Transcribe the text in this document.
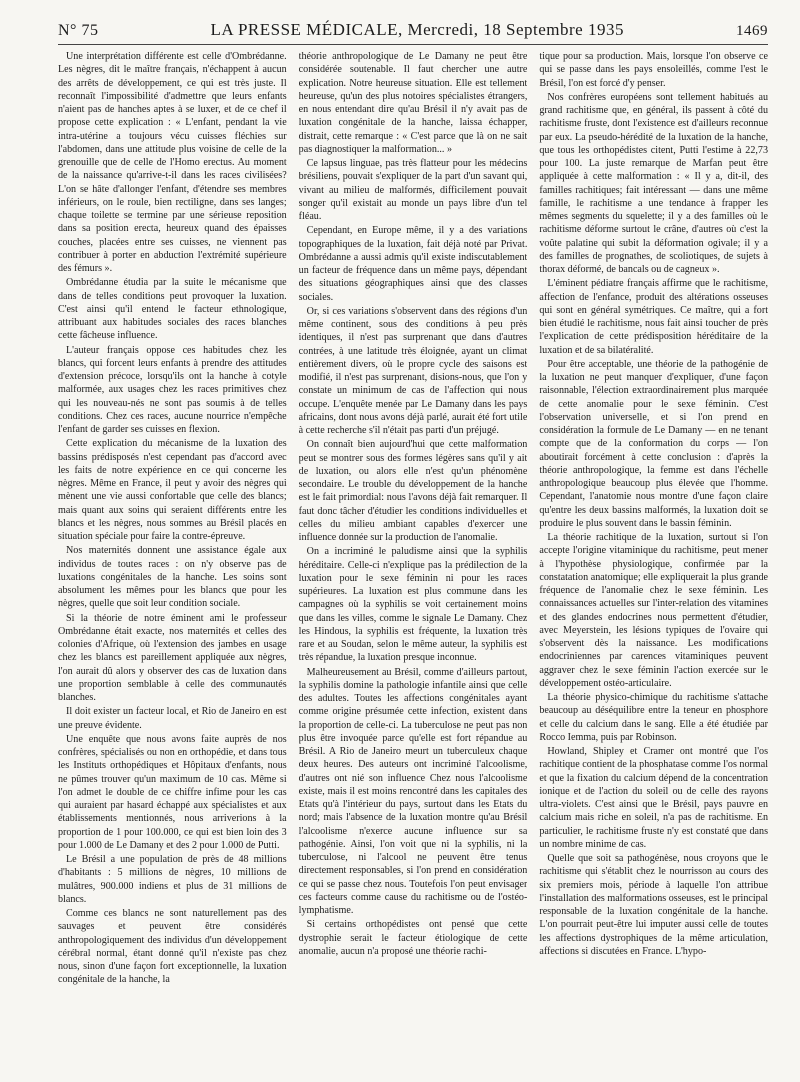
N° 75	LA PRESSE MÉDICALE, Mercredi, 18 Septembre 1935	1469

Une interprétation différente est celle d'Ombrédanne. Les nègres, dit le maître français, n'échappent à aucun des arrêts de développement, ce qui est très juste. Il reconnaît l'impossibilité d'admettre que leurs enfants n'aient pas de hanches aptes à se luxer, et de ce chef il propose cette explication : « L'enfant, pendant la vie intra-utérine a toujours vécu cuisses fléchies sur l'abdomen, dans une attitude plus voisine de celle de la grenouille que de celle de l'Homo erectus. Au moment de la naissance qu'arrive-t-il dans les races civilisées? L'on se hâte d'allonger l'enfant, d'étendre ses membres inférieurs, on le roule, bien rectiligne, dans ses langes; chaque toilette se termine par une sérieuse reposition dans sa position erecta, heureux quand des épaisses couches, placées entre ses cuisses, ne viennent pas contribuer à porter en abduction l'extrémité supérieure des fémurs ».

Ombrédanne étudia par la suite le mécanisme que dans de telles conditions peut provoquer la luxation. C'est ainsi qu'il entend le facteur ethnologique, attribuant aux habitudes sociales des races blanches cette fâcheuse influence.

L'auteur français oppose ces habitudes chez les blancs, qui forcent leurs enfants à prendre des attitudes d'extension précoce, lorsqu'ils ont la hanche à cotyle malformée, aux usages chez les races primitives chez qui les nouveau-nés ne sont pas soumis à de telles conditions. Chez ces races, aucune nourrice n'empêche l'enfant de garder ses cuisses en flexion.

Cette explication du mécanisme de la luxation des bassins prédisposés n'est cependant pas d'accord avec les faits de notre expérience en ce qui concerne les nègres. Même en France, il peut y avoir des nègres qui mènent une vie aussi confortable que celle des blancs; mais quant aux soins qui seraient différents entre les blancs et les nègres, nous sommes au Brésil placés en situation spéciale pour faire la contre-épreuve.

Nos maternités donnent une assistance égale aux individus de toutes races : on n'y observe pas de luxations congénitales de la hanche. Les soins sont absolument les mêmes pour les blancs que pour les nègres, quelle que soit leur condition sociale.

Si la théorie de notre éminent ami le professeur Ombrédanne était exacte, nos maternités et celles des colonies d'Afrique, où l'extension des jambes en usage chez les blancs est pareillement appliquée aux nègres, l'on aurait dû alors y observer des cas de luxation dans une proportion semblable à celle des communautés blanches.

Il doit exister un facteur local, et Rio de Janeiro en est une preuve évidente.

Une enquête que nous avons faite auprès de nos confrères, spécialisés ou non en orthopédie, et dans tous les Instituts orthopédiques et Hôpitaux d'enfants, nous ne pûmes trouver qu'un maximum de 10 cas. Même si l'on admet le double de ce chiffre infime pour les cas qui auraient par hasard échappé aux spécialistes et aux établissements mentionnés, nous arriverions à la proportion de 1 pour 100.000, ce qui est bien loin des 3 pour 1.000 de Le Damany et des 2 pour 1.000 de Putti.

Le Brésil a une population de près de 48 millions d'habitants : 5 millions de nègres, 10 millions de mulâtres, 900.000 indiens et plus de 31 millions de blancs.

Comme ces blancs ne sont naturellement pas des sauvages et peuvent être considérés anthropologiquement des individus d'un développement cérébral normal, étant donné qu'il n'existe pas chez nous, sinon d'une façon fort exceptionnelle, la luxation congénitale de la hanche, la

théorie anthropologique de Le Damany ne peut être considérée soutenable. Il faut chercher une autre explication. Notre heureuse situation. Elle est tellement heureuse, qu'un des plus notoires spécialistes étrangers, en nous entendant dire qu'au Brésil il n'y avait pas de luxation congénitale de la hanche, laissa échapper, distrait, cette remarque : « C'est parce que là on ne sait pas diagnostiquer la malformation... »

Ce lapsus linguae, pas très flatteur pour les médecins brésiliens, pouvait s'expliquer de la part d'un savant qui, vivant au milieu de malformés, difficilement pouvait songer qu'il existait au monde un pays libre d'un tel fléau.

Cependant, en Europe même, il y a des variations topographiques de la luxation, fait déjà noté par Privat. Ombrédanne a aussi admis qu'il existe indiscutablement un facteur de fréquence dans un même pays, dépendant des situations géographiques ainsi que des classes sociales.

Or, si ces variations s'observent dans des régions d'un même continent, sous des conditions à peu près identiques, il n'est pas surprenant que dans d'autres contrées, à une latitude très éloignée, ayant un climat entièrement divers, où le propre cycle des saisons est modifié, il n'est pas surprenant, disions-nous, que l'on y constate un minimum de cas de l'affection qui nous occupe. L'enquête menée par Le Damany dans les pays africains, dont nous avons déjà parlé, aurait été fort utile à cette recherche s'il n'était pas parti d'un préjugé.

On connaît bien aujourd'hui que cette malformation peut se montrer sous des formes légères sans qu'il y ait de luxation, ou alors elle n'est qu'un phénomène secondaire. Le trouble du développement de la hanche est le fait primordial: nous l'avons déjà fait remarquer. Il faut donc tâcher d'étudier les conditions individuelles et celles du milieu ambiant capables d'exercer une influence donnée sur la production de l'anomalie.

On a incriminé le paludisme ainsi que la syphilis héréditaire. Celle-ci n'explique pas la prédilection de la luxation pour le sexe féminin ni pour les races supérieures. La luxation est plus commune dans les campagnes où la syphilis se voit certainement moins que dans les villes, comme le signale Le Damany. Chez les Hindous, la syphilis est fréquente, la luxation très rare et au Soudan, selon le même auteur, la syphilis est très répandue, la luxation presque inconnue.

Malheureusement au Brésil, comme d'ailleurs partout, la syphilis domine la pathologie infantile ainsi que celle des adultes. Toutes les affections congénitales ayant comme origine présumée cette infection, existent dans la proportion de celle-ci. La tuberculose ne peut pas non plus être invoquée parce qu'elle est fort répandue au Brésil. A Rio de Janeiro meurt un tuberculeux chaque deux heures. Des auteurs ont incriminé l'alcoolisme, d'autres ont nié son influence Chez nous l'alcoolisme existe, mais il est moins rencontré dans les capitales des Etats qu'à l'intérieur du pays, surtout dans les Etats du nord; mais l'absence de la luxation montre qu'au Brésil l'alcoolisme n'exerce aucune influence sur sa pathogénie. Ainsi, l'on voit que ni la syphilis, ni la tuberculose, ni l'alcool ne peuvent être tenus directement responsables, si l'on prend en considération ce qui se passe chez nous. Toutefois l'on peut envisager ces facteurs comme cause du rachitisme ou de l'ostéo-lymphatisme.

Si certains orthopédistes ont pensé que cette dystrophie serait le facteur étiologique de cette anomalie, aucun n'a proposé une théorie rachi-

tique pour sa production. Mais, lorsque l'on observe ce qui se passe dans les pays ensoleillés, comme l'est le Brésil, l'on est forcé d'y penser.

Nos confrères européens sont tellement habitués au grand rachitisme que, en général, ils passent à côté du rachitisme fruste, dont l'existence est d'ailleurs reconnue par eux. La pseudo-hérédité de la luxation de la hanche, que tous les orthopédistes citent, Putti l'estime à 22,73 pour 100. La juste remarque de Marfan peut être appliquée à cette malformation : « Il y a, dit-il, des familles rachitiques; fait intéressant — dans une même famille, le rachitisme a une tendance à frapper les mêmes segments du squelette; il y a des familles où le rachitisme déforme surtout le crâne, d'autres où c'est la voûte palatine qui subit la déformation ogivale; il y a des familles de prognathes, de scoliotiques, de sujets à thorax déformé, de bancals ou de cagneux ».

L'éminent pédiatre français affirme que le rachitisme, affection de l'enfance, produit des altérations osseuses qui sont en général symétriques. Ce maître, qui a fort bien étudié le rachitisme, nous fait ainsi toucher de près l'explication de cette prédisposition héréditaire de la luxation et de sa bilatéralité.

Pour être acceptable, une théorie de la pathogénie de la luxation ne peut manquer d'expliquer, d'une façon raisonnable, l'élection extraordinairement plus marquée de cette anomalie pour le sexe féminin. C'est l'observation universelle, et si l'on prend en considération la formule de Le Damany — en ne tenant compte que de la conformation du corps — l'on aboutirait forcément à cette conclusion : d'après la théorie anthropologique, la femme est dans l'échelle anthropologique beaucoup plus élevée que l'homme. Cependant, l'anatomie nous montre d'une façon claire qu'entre les deux bassins malformés, la luxation doit se produire le plus souvent dans le bassin féminin.

La théorie rachitique de la luxation, surtout si l'on accepte l'origine vitaminique du rachitisme, peut mener à l'hypothèse physiologique, confirmée par la constatation anatomique; elle expliquerait la plus grande fréquence de l'anomalie chez le sexe féminin. Les connaissances actuelles sur l'inter-relation des vitamines et des glandes endocrines nous permettent d'étudier, avec Meyerstein, les lésions typiques de l'ovaire qui s'observent dès la naissance. Les modifications endocriniennes par carences vitaminiques peuvent aggraver chez le sexe féminin l'action exercée sur le développement ostéo-articulaire.

La théorie physico-chimique du rachitisme s'attache beaucoup au déséquilibre entre la teneur en phosphore et celle du calcium dans le sang. Elle a été étudiée par Rocco Iemma, puis par Robinson.

Howland, Shipley et Cramer ont montré que l'os rachitique contient de la phosphatase comme l'os normal et que la fixation du calcium dépend de la concentration ionique et de l'action du soleil ou de celle des rayons ultra-violets. C'est ainsi que le Brésil, pays pauvre en calcium mais riche en soleil, n'a pas de rachitisme. En particulier, le rachitisme fruste n'y est constaté que dans un nombre minime de cas.

Quelle que soit sa pathogénèse, nous croyons que le rachitisme qui s'établit chez le nourrisson au cours des six premiers mois, période à laquelle l'on attribue l'installation des malformations osseuses, est le principal responsable de la luxation congénitale de la hanche. L'on pourrait peut-être lui imputer aussi celle de toutes les affections dystrophiques de la même articulation, affections si discutées en France. L'hypo-
